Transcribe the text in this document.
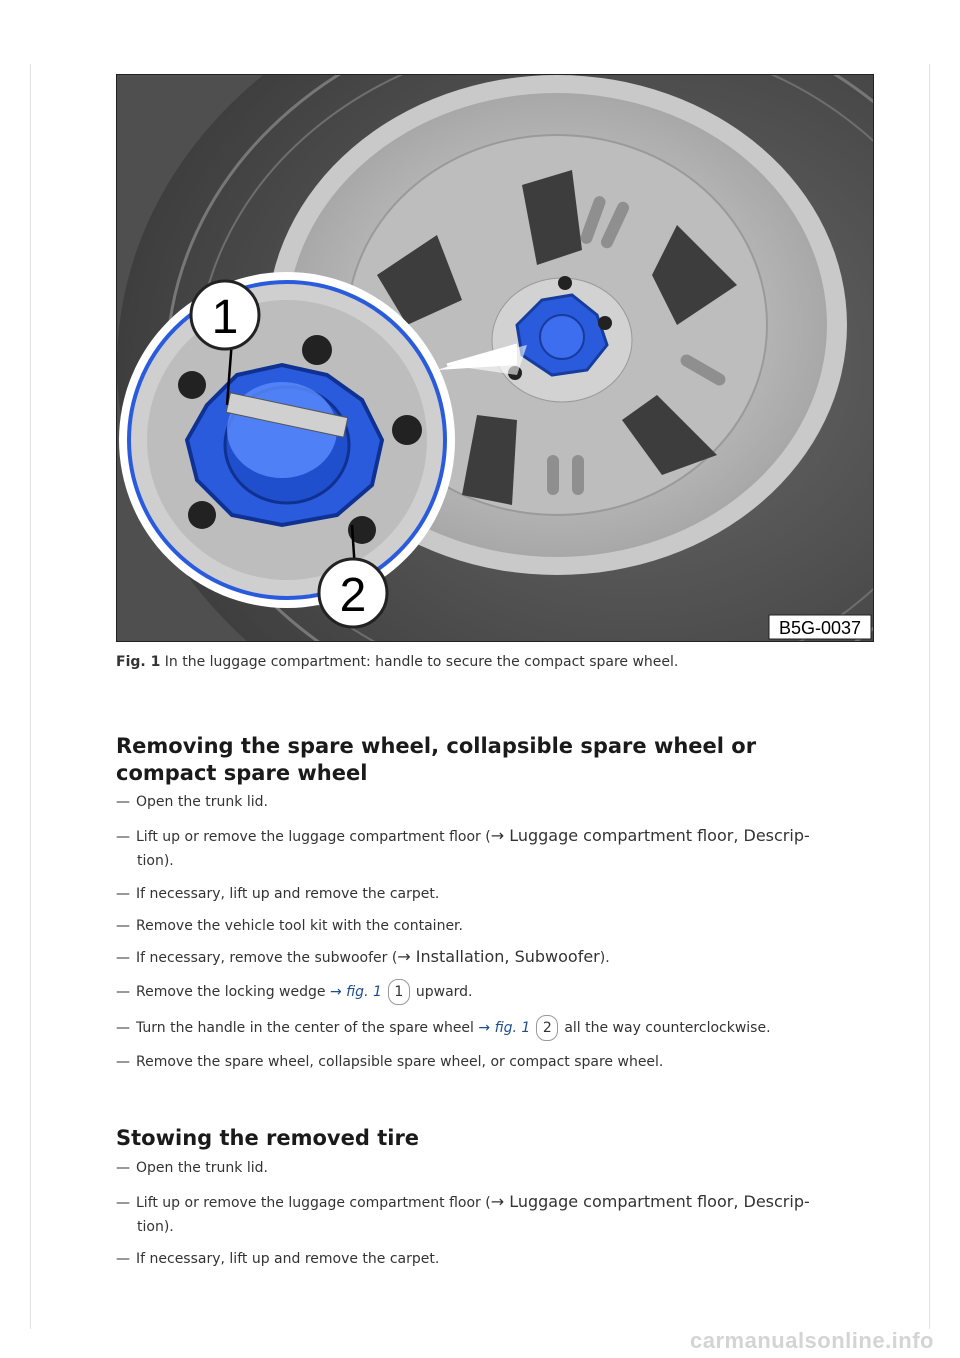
1
2
B5G-0037
Fig. 1 In the luggage compartment: handle to secure the compact spare wheel.
Removing the spare wheel, collapsible spare wheel or compact spare wheel
— Open the trunk lid.
— Lift up or remove the luggage compartment floor (→ Luggage compartment floor, Descrip-
tion).
— If necessary, lift up and remove the carpet.
— Remove the vehicle tool kit with the container.
— If necessary, remove the subwoofer (→ Installation, Subwoofer).
— Remove the locking wedge → fig. 1 1 upward.
— Turn the handle in the center of the spare wheel → fig. 1 2 all the way counterclockwise.
— Remove the spare wheel, collapsible spare wheel, or compact spare wheel.
Stowing the removed tire
— Open the trunk lid.
— Lift up or remove the luggage compartment floor (→ Luggage compartment floor, Descrip-
tion).
— If necessary, lift up and remove the carpet.
carmanualsonline.info
